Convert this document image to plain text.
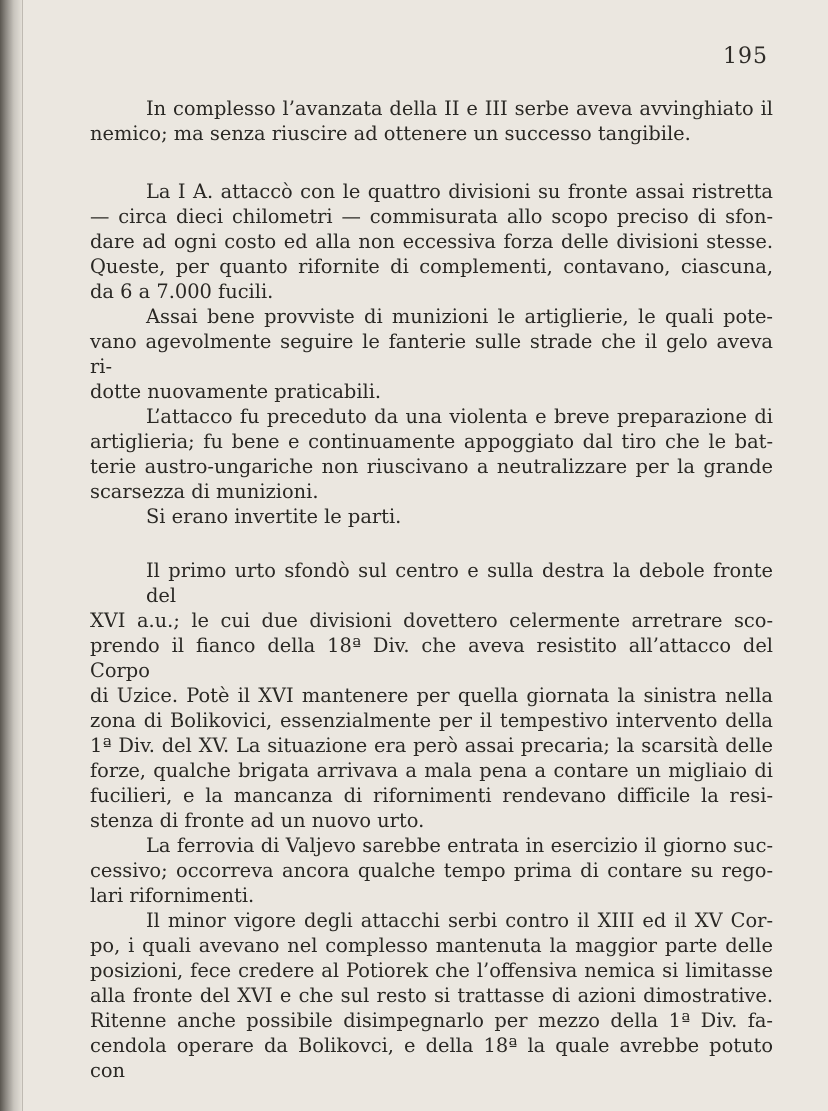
195

In complesso l’avanzata della II e III serbe aveva avvinghiato il
nemico; ma senza riuscire ad ottenere un successo tangibile.

La I A. attaccò con le quattro divisioni su fronte assai ristretta
— circa dieci chilometri — commisurata allo scopo preciso di sfon-
dare ad ogni costo ed alla non eccessiva forza delle divisioni stesse.
Queste, per quanto rifornite di complementi, contavano, ciascuna,
da 6 a 7.000 fucili.

Assai bene provviste di munizioni le artiglierie, le quali pote-
vano agevolmente seguire le fanterie sulle strade che il gelo aveva ri-
dotte nuovamente praticabili.

L’attacco fu preceduto da una violenta e breve preparazione di
artiglieria; fu bene e continuamente appoggiato dal tiro che le bat-
terie austro-ungariche non riuscivano a neutralizzare per la grande
scarsezza di munizioni.

Si erano invertite le parti.

Il primo urto sfondò sul centro e sulla destra la debole fronte del
XVI a.u.; le cui due divisioni dovettero celermente arretrare sco-
prendo il fianco della 18ª Div. che aveva resistito all’attacco del Corpo
di Uzice. Potè il XVI mantenere per quella giornata la sinistra nella
zona di Bolikovici, essenzialmente per il tempestivo intervento della
1ª Div. del XV. La situazione era però assai precaria; la scarsità delle
forze, qualche brigata arrivava a mala pena a contare un migliaio di
fucilieri, e la mancanza di rifornimenti rendevano difficile la resi-
stenza di fronte ad un nuovo urto.

La ferrovia di Valjevo sarebbe entrata in esercizio il giorno suc-
cessivo; occorreva ancora qualche tempo prima di contare su rego-
lari rifornimenti.

Il minor vigore degli attacchi serbi contro il XIII ed il XV Cor-
po, i quali avevano nel complesso mantenuta la maggior parte delle
posizioni, fece credere al Potiorek che l’offensiva nemica si limitasse
alla fronte del XVI e che sul resto si trattasse di azioni dimostrative.
Ritenne anche possibile disimpegnarlo per mezzo della 1ª Div. fa-
cendola operare da Bolikovci, e della 18ª la quale avrebbe potuto con
